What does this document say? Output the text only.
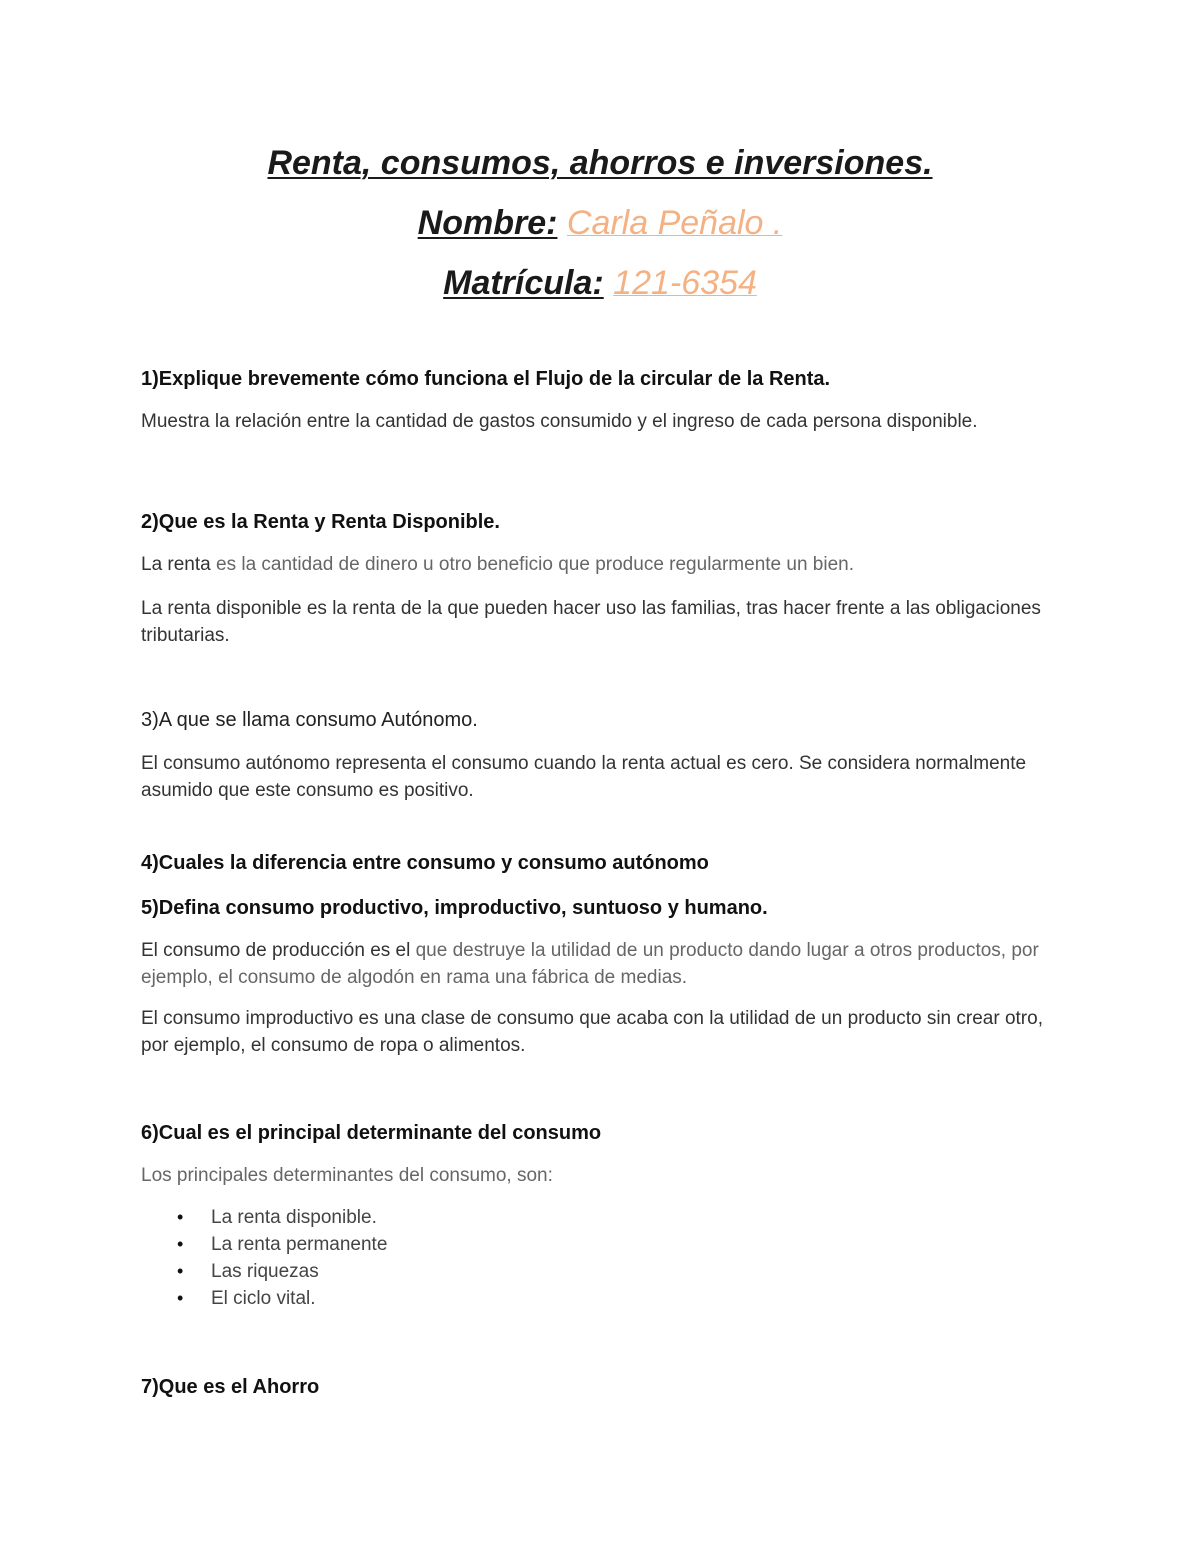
Renta, consumos, ahorros e inversiones.
Nombre: Carla Peñalo .
Matrícula: 121-6354
1)Explique brevemente cómo funciona el Flujo de la circular de la Renta.
Muestra la relación entre la cantidad de gastos consumido y el ingreso de cada persona disponible.
2)Que es la Renta y Renta Disponible.
La renta es la cantidad de dinero u otro beneficio que produce regularmente un bien.
La renta disponible es la renta de la que pueden hacer uso las familias, tras hacer frente a las obligaciones tributarias.
3)A que se llama consumo Autónomo.
El consumo autónomo representa el consumo cuando la renta actual es cero. Se considera normalmente asumido que este consumo es positivo.
4)Cuales la diferencia entre consumo y consumo autónomo
5)Defina consumo productivo, improductivo, suntuoso y humano.
El consumo de producción es el que destruye la utilidad de un producto dando lugar a otros productos, por ejemplo, el consumo de algodón en rama una fábrica de medias.
El consumo improductivo es una clase de consumo que acaba con la utilidad de un producto sin crear otro, por ejemplo, el consumo de ropa o alimentos.
6)Cual es el principal determinante del consumo
Los principales determinantes del consumo, son:
• La renta disponible.
• La renta permanente
• Las riquezas
• El ciclo vital.
7)Que es el Ahorro
